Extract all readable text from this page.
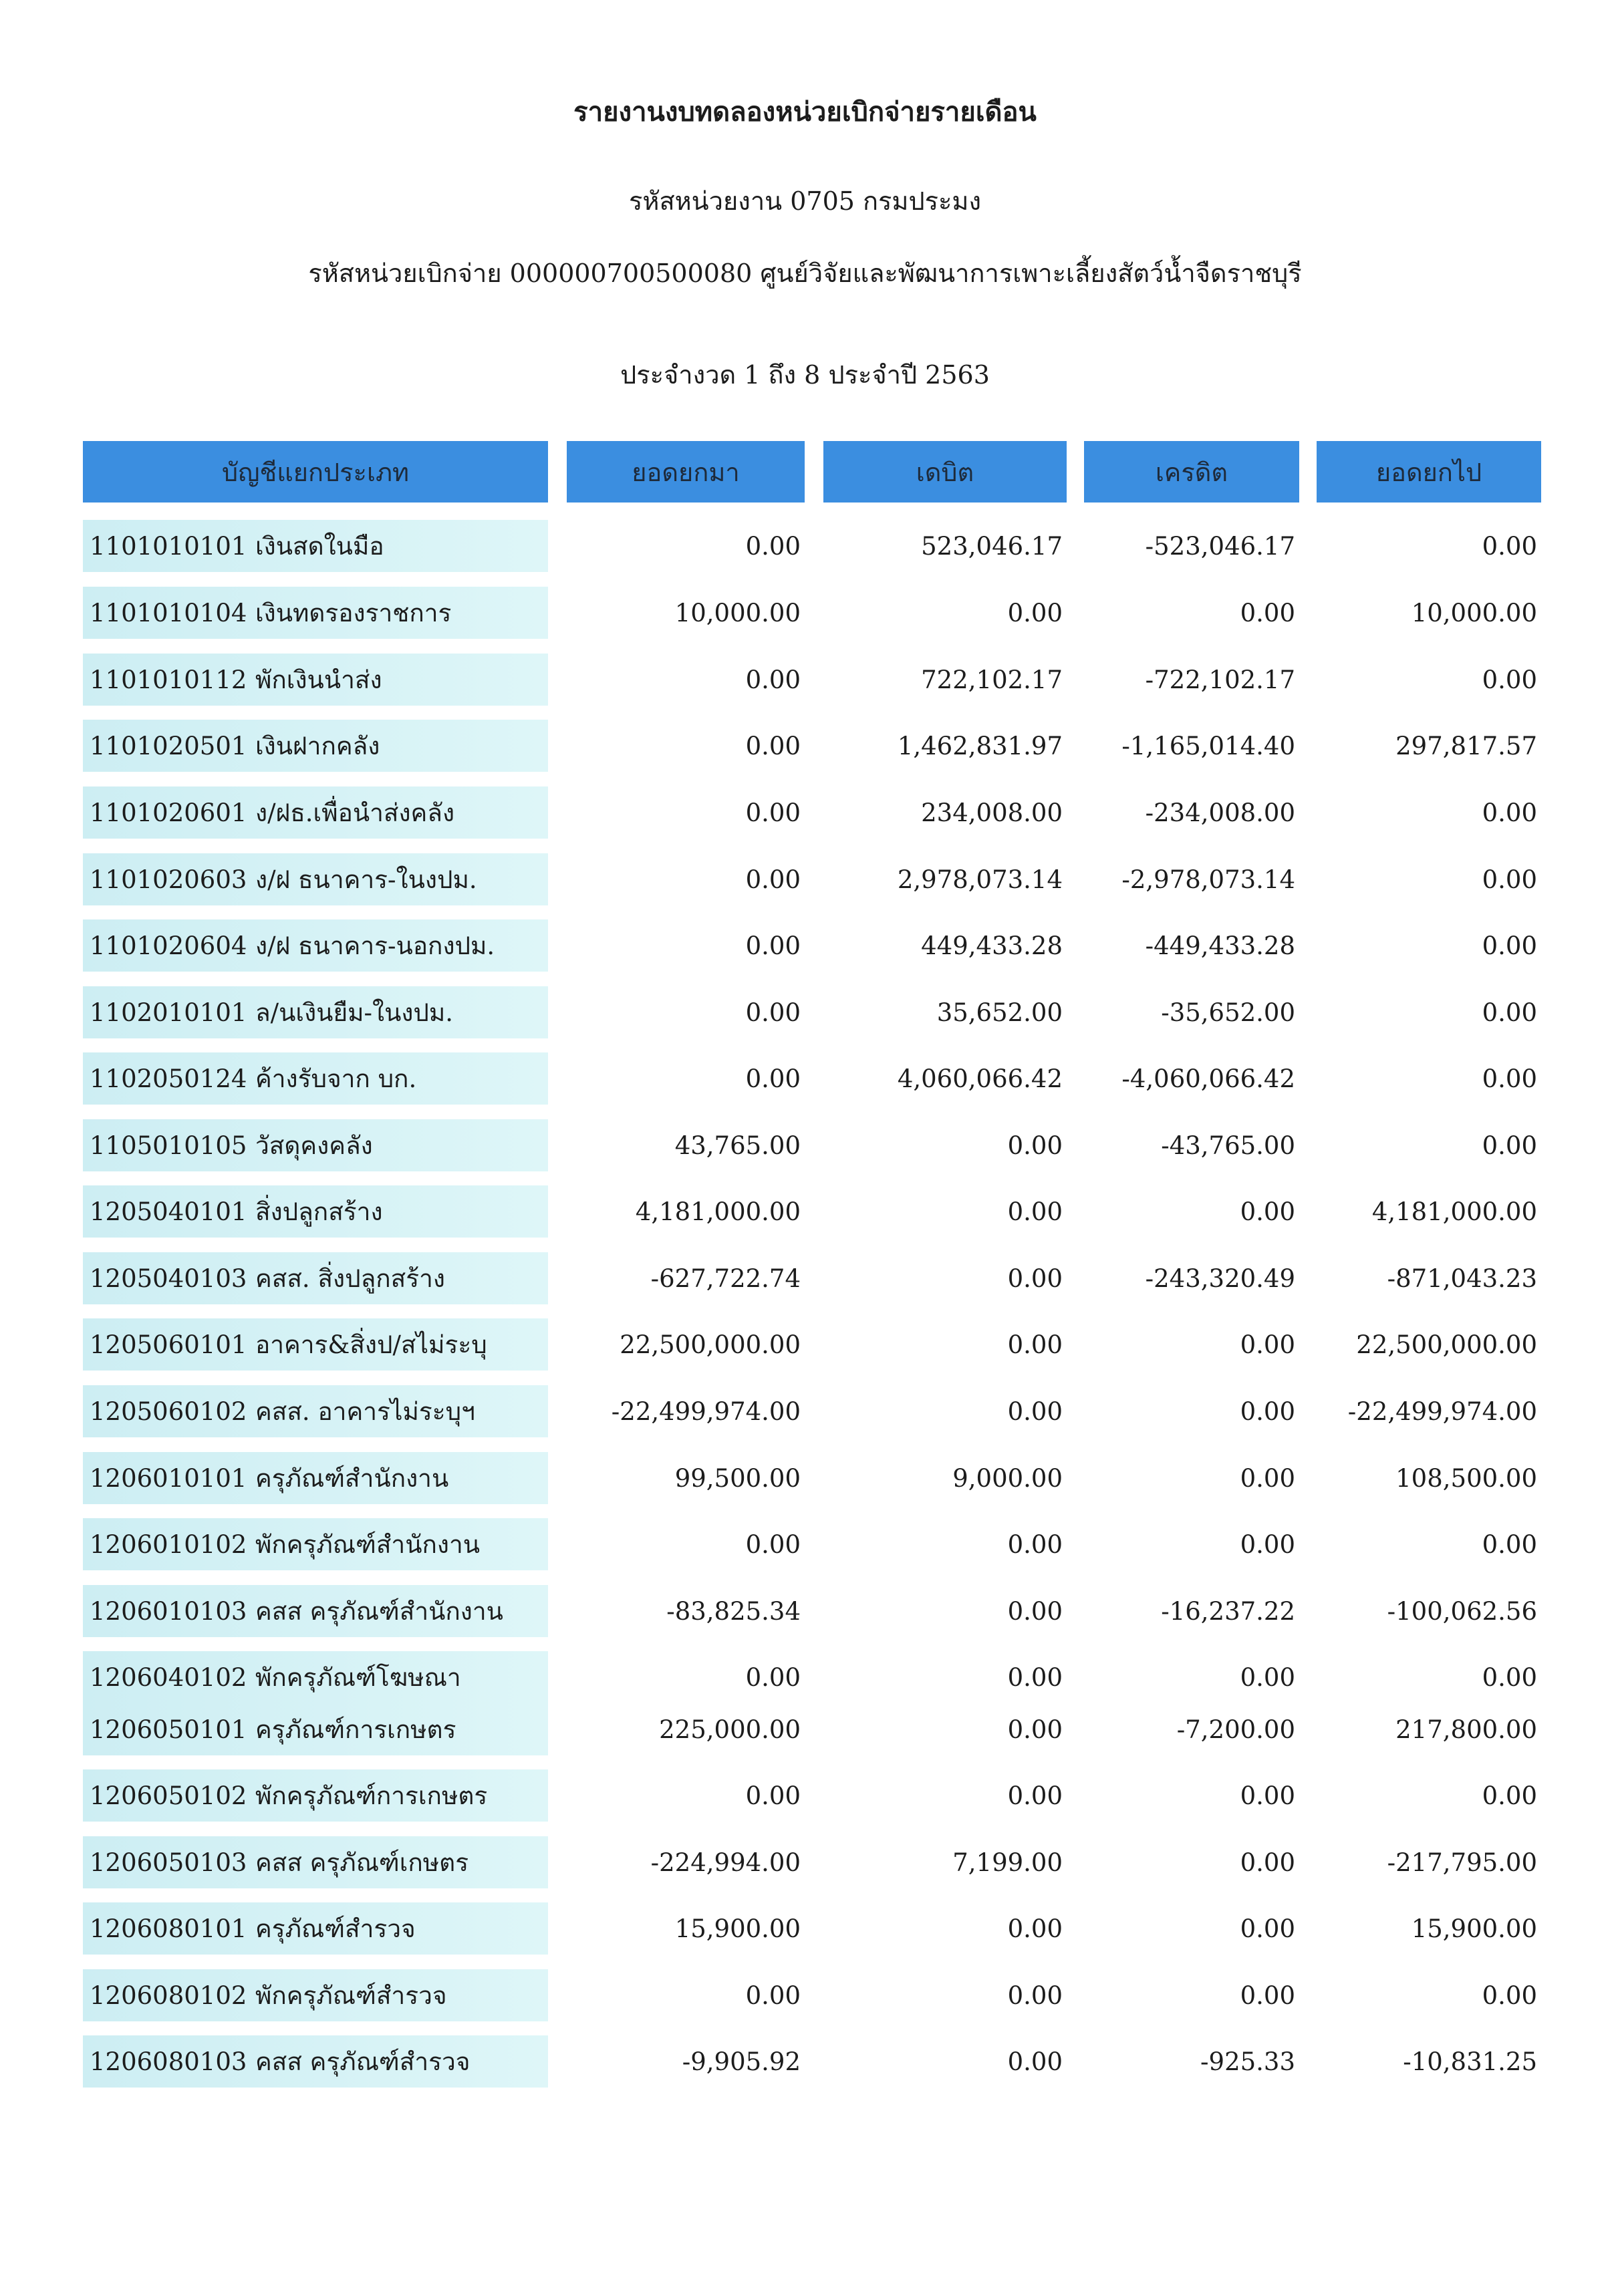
รายงานงบทดลองหน่วยเบิกจ่ายรายเดือน
รหัสหน่วยงาน 0705 กรมประมง
รหัสหน่วยเบิกจ่าย 000000700500080 ศูนย์วิจัยและพัฒนาการเพาะเลี้ยงสัตว์น้ำจืดราชบุรี
ประจำงวด 1 ถึง 8 ประจำปี 2563
บัญชีแยกประเภท	ยอดยกมา	เดบิต	เครดิต	ยอดยกไป
1101010101 เงินสดในมือ	0.00	523,046.17	-523,046.17	0.00
1101010104 เงินทดรองราชการ	10,000.00	0.00	0.00	10,000.00
1101010112 พักเงินนำส่ง	0.00	722,102.17	-722,102.17	0.00
1101020501 เงินฝากคลัง	0.00	1,462,831.97	-1,165,014.40	297,817.57
1101020601 ง/ฝธ.เพื่อนำส่งคลัง	0.00	234,008.00	-234,008.00	0.00
1101020603 ง/ฝ ธนาคาร-ในงปม.	0.00	2,978,073.14	-2,978,073.14	0.00
1101020604 ง/ฝ ธนาคาร-นอกงปม.	0.00	449,433.28	-449,433.28	0.00
1102010101 ล/นเงินยืม-ในงปม.	0.00	35,652.00	-35,652.00	0.00
1102050124 ค้างรับจาก บก.	0.00	4,060,066.42	-4,060,066.42	0.00
1105010105 วัสดุคงคลัง	43,765.00	0.00	-43,765.00	0.00
1205040101 สิ่งปลูกสร้าง	4,181,000.00	0.00	0.00	4,181,000.00
1205040103 คสส. สิ่งปลูกสร้าง	-627,722.74	0.00	-243,320.49	-871,043.23
1205060101 อาคาร&สิ่งป/สไม่ระบุ	22,500,000.00	0.00	0.00	22,500,000.00
1205060102 คสส. อาคารไม่ระบุฯ	-22,499,974.00	0.00	0.00	-22,499,974.00
1206010101 ครุภัณฑ์สำนักงาน	99,500.00	9,000.00	0.00	108,500.00
1206010102 พักครุภัณฑ์สำนักงาน	0.00	0.00	0.00	0.00
1206010103 คสส ครุภัณฑ์สำนักงาน	-83,825.34	0.00	-16,237.22	-100,062.56
1206040102 พักครุภัณฑ์โฆษณา	0.00	0.00	0.00	0.00
1206050101 ครุภัณฑ์การเกษตร	225,000.00	0.00	-7,200.00	217,800.00
1206050102 พักครุภัณฑ์การเกษตร	0.00	0.00	0.00	0.00
1206050103 คสส ครุภัณฑ์เกษตร	-224,994.00	7,199.00	0.00	-217,795.00
1206080101 ครุภัณฑ์สำรวจ	15,900.00	0.00	0.00	15,900.00
1206080102 พักครุภัณฑ์สำรวจ	0.00	0.00	0.00	0.00
1206080103 คสส ครุภัณฑ์สำรวจ	-9,905.92	0.00	-925.33	-10,831.25
